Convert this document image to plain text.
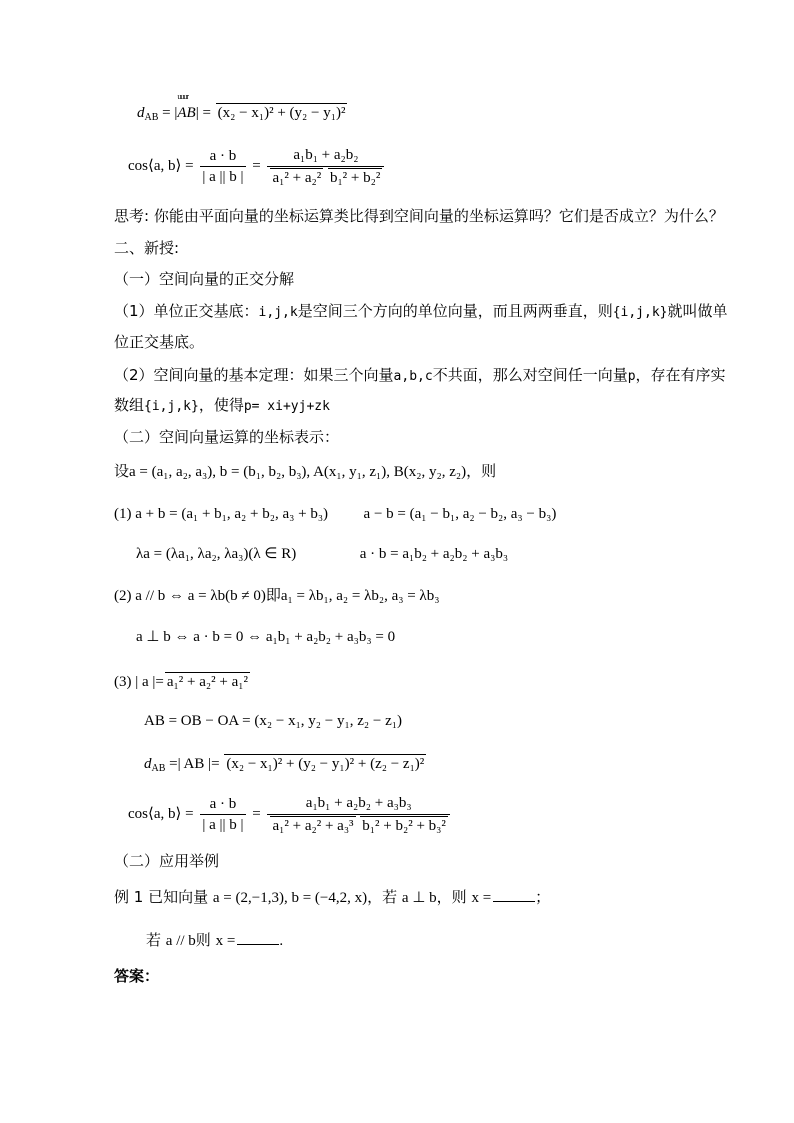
$d_{AB}$ = |uuur AB| = (x₂ − x₁)² + (y₂ − y₁)²
cos⟨a, b⟩ = $\frac{a \cdot b}{| a || b |} = \frac{\text{a₁b₁ + a₂b₂}}{\text{a₁² + a₂² b₁² + b₂²}}$
思考: 你能由平面向量的坐标运算类比得到空间向量的坐标运算吗？它们是否成立？为什么？
二、新授:
（一）空间向量的正交分解
（1）单位正交基底：i,j,k是空间三个方向的单位向量，而且两两垂直，则{i,j,k}就叫做单
位正交基底。
（2）空间向量的基本定理：如果三个向量a,b,c不共面，那么对空间任一向量p，存在有序实
数组{i,j,k}，使得p= xi+yj+zk
（二）空间向量运算的坐标表示：
设a = (a₁, a₂, a₃), b = (b₁, b₂, b₃), A(x₁, y₁, z₁), B(x₂, y₂, z₂)，则
(1) a + b = (a₁ + b₁, a₂ + b₂, a₃ + b₃) a − b = (a₁ − b₁, a₂ − b₂, a₃ − b₃)
λa = (λa₁, λa₂, λa₃)(λ ∈ R)	a · b = a₁b₂ + a₂b₂ + a₃b₃
(2) a // b ⇔ a = λb(b ≠ 0)即a₁ = λb₁, a₂ = λb₂, a₃ = λb₃
a ⊥ b ⇔ a · b = 0 ⇔ a₁b₁ + a₂b₂ + a₃b₃ = 0
(3) | a |= a₁² + a₂² + a₁²
AB = OB − OA = (x₂ − x₁, y₂ − y₁, z₂ − z₁)
$d_{AB}$ =| AB |= (x₂ − x₁)² + (y₂ − y₁)² + (z₂ − z₁)²
cos⟨a, b⟩ = $\frac{a \cdot b}{| a || b |} = \frac{\text{a₁b₁ + a₂b₂ + a₃b₃}}{\text{a₁² + a₂² + a₃³ b₁² + b₂² + b₃²}}$
（二）应用举例
例 1 已知向量 a = (2,−1,3), b = (−4,2, x)，若 a ⊥ b，则 x =	；
若 a // b则 x =	.
答案：
